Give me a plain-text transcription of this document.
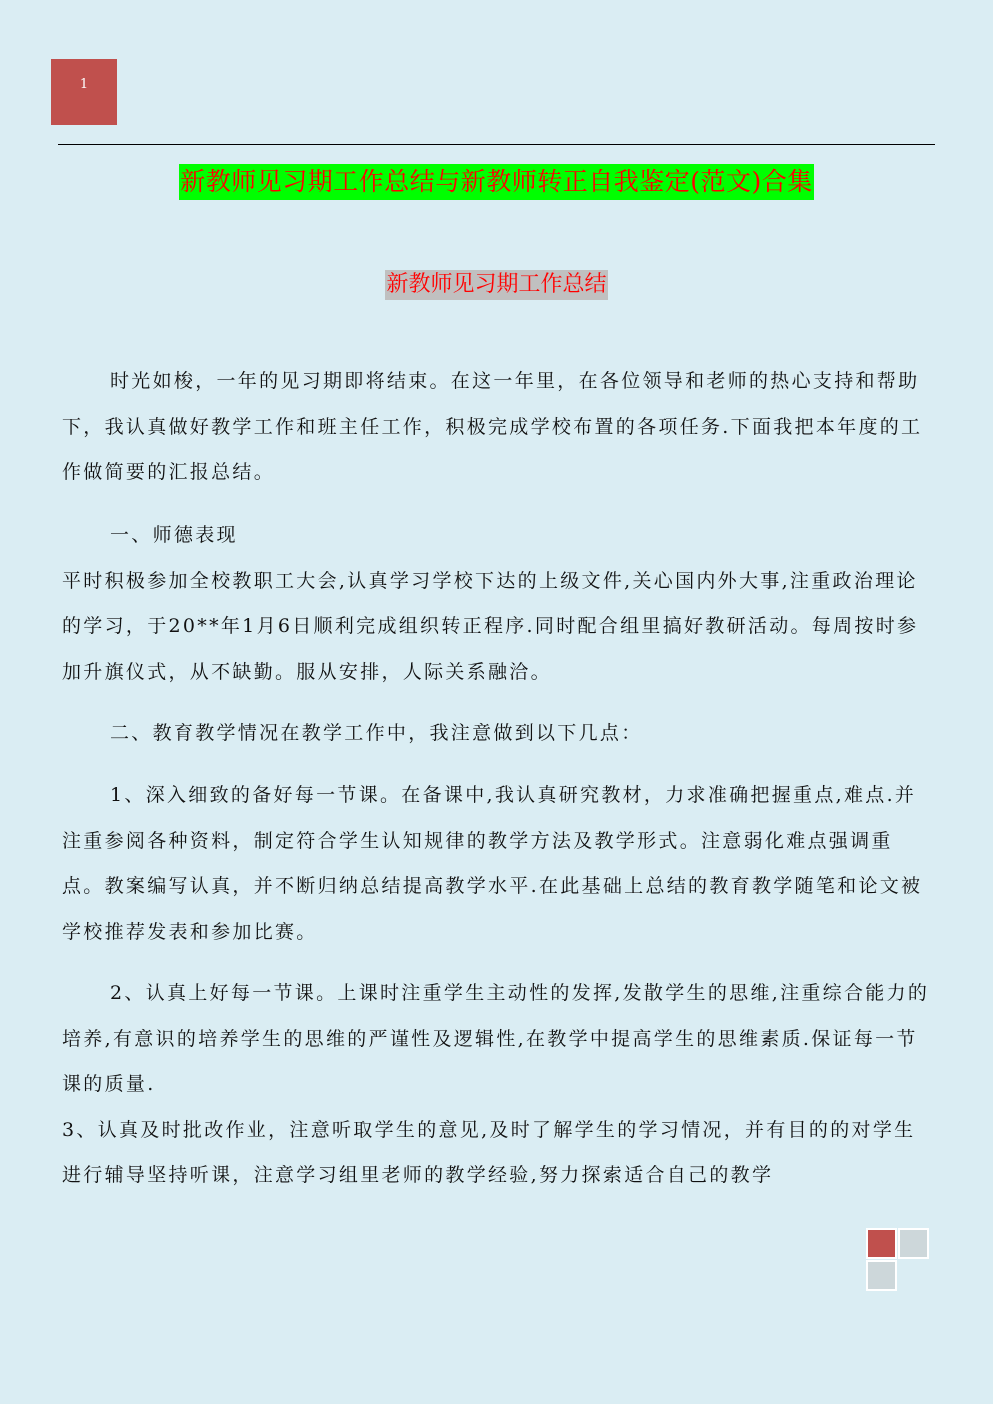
1
新教师见习期工作总结与新教师转正自我鉴定(范文)合集
新教师见习期工作总结

时光如梭，一年的见习期即将结束。在这一年里，在各位领导和老师的热心支持和帮助下，我认真做好教学工作和班主任工作，积极完成学校布置的各项任务.下面我把本年度的工作做简要的汇报总结。

一、师德表现

平时积极参加全校教职工大会,认真学习学校下达的上级文件,关心国内外大事,注重政治理论的学习，于20**年1月6日顺利完成组织转正程序.同时配合组里搞好教研活动。每周按时参加升旗仪式，从不缺勤。服从安排，人际关系融洽。

二、教育教学情况在教学工作中，我注意做到以下几点：

1、深入细致的备好每一节课。在备课中,我认真研究教材，力求准确把握重点,难点.并注重参阅各种资料，制定符合学生认知规律的教学方法及教学形式。注意弱化难点强调重点。教案编写认真，并不断归纳总结提高教学水平.在此基础上总结的教育教学随笔和论文被学校推荐发表和参加比赛。

2、认真上好每一节课。上课时注重学生主动性的发挥,发散学生的思维,注重综合能力的培养,有意识的培养学生的思维的严谨性及逻辑性,在教学中提高学生的思维素质.保证每一节课的质量.

3、认真及时批改作业，注意听取学生的意见,及时了解学生的学习情况，并有目的的对学生进行辅导坚持听课，注意学习组里老师的教学经验,努力探索适合自己的教学
